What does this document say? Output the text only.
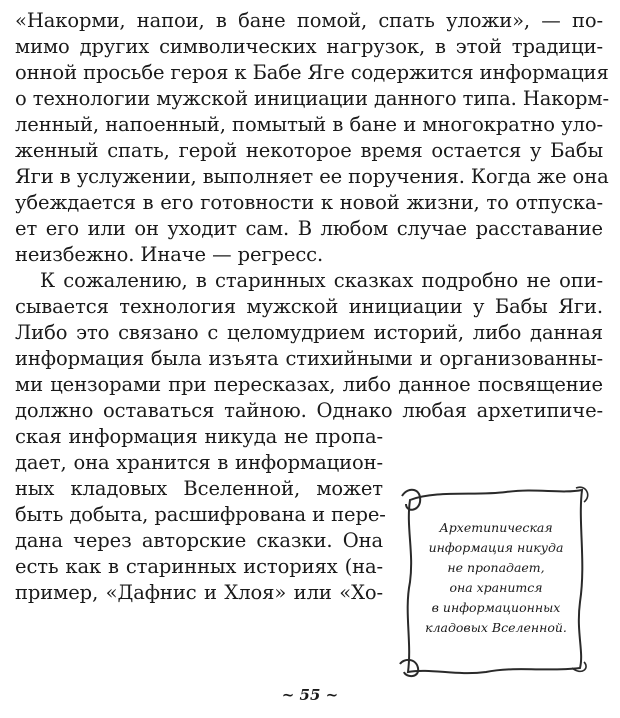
«Накорми, напои, в бане помой, спать уложи», — по-
мимо других символических нагрузок, в этой традици-
онной просьбе героя к Бабе Яге содержится информация
о технологии мужской инициации данного типа. Накорм-
ленный, напоенный, помытый в бане и многократно уло-
женный спать, герой некоторое время остается у Бабы
Яги в услужении, выполняет ее поручения. Когда же она
убеждается в его готовности к новой жизни, то отпуска-
ет его или он уходит сам. В любом случае расставание
неизбежно. Иначе — регресс.
К сожалению, в старинных сказках подробно не опи-
сывается технология мужской инициации у Бабы Яги.
Либо это связано с целомудрием историй, либо данная
информация была изъята стихийными и организованны-
ми цензорами при пересказах, либо данное посвящение
должно оставаться тайною. Однако любая архетипиче-
ская информация никуда не пропа-
дает, она хранится в информацион-
ных кладовых Вселенной, может
быть добыта, расшифрована и пере-
дана через авторские сказки. Она
есть как в старинных историях (на-
пример, «Дафнис и Хлоя» или «Хо-
Архетипическая
информация никуда
не пропадает,
она хранится
в информационных
кладовых Вселенной.
~ 55 ~
